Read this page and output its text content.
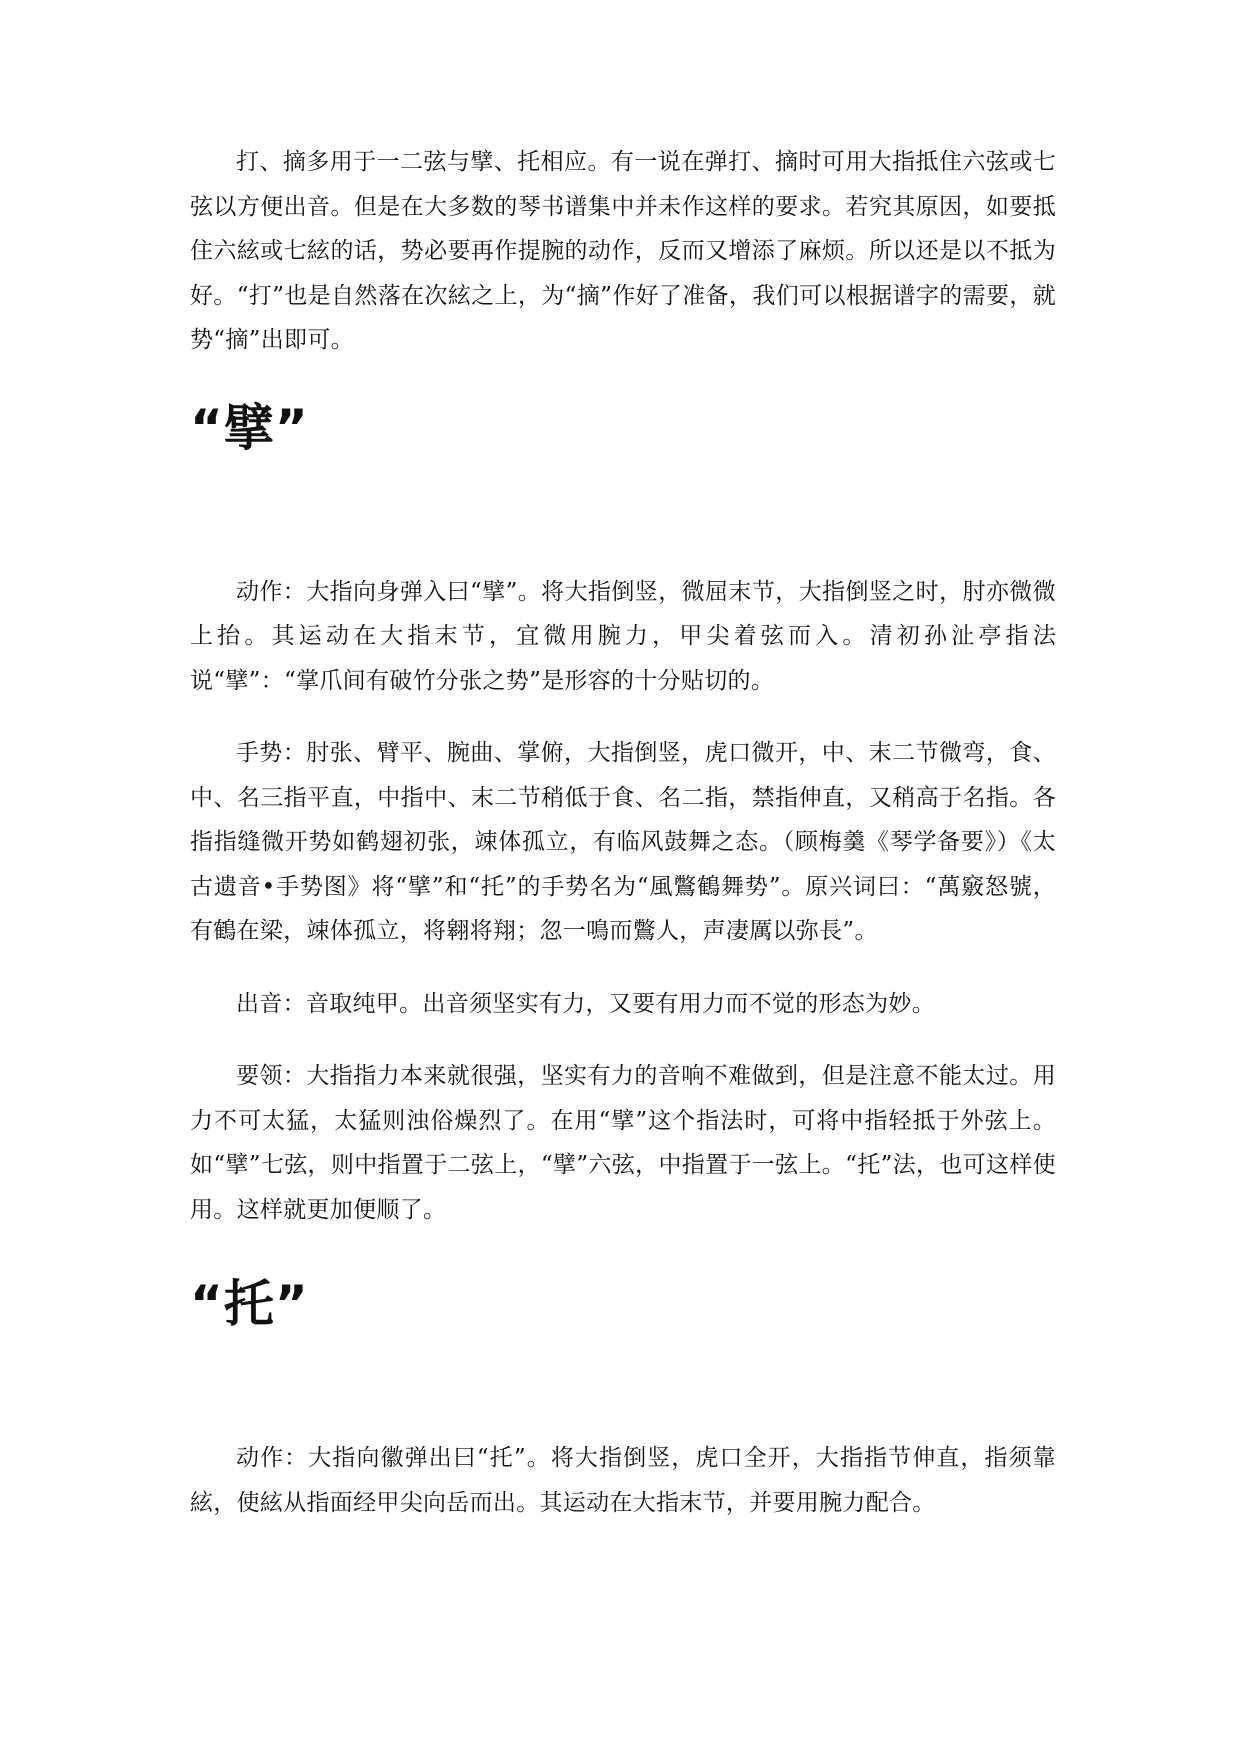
打、摘多用于一二弦与擘、托相应。有一说在弹打、摘时可用大指抵住六弦或七弦以方便出音。但是在大多数的琴书谱集中并未作这样的要求。若究其原因，如要抵住六絃或七絃的话，势必要再作提腕的动作，反而又增添了麻烦。所以还是以不抵为好。“打”也是自然落在次絃之上，为“摘”作好了准备，我们可以根据谱字的需要，就势“摘”出即可。

“擘”

动作：大指向身弹入曰“擘”。将大指倒竖，微屈末节，大指倒竖之时，肘亦微微上抬。其运动在大指末节，宜微用腕力，甲尖着弦而入。清初孙沚亭指法说“擘”：“掌爪间有破竹分张之势”是形容的十分贴切的。

手势：肘张、臂平、腕曲、掌俯，大指倒竖，虎口微开，中、末二节微弯，食、中、名三指平直，中指中、末二节稍低于食、名二指，禁指伸直，又稍高于名指。各指指缝微开势如鹤翅初张，竦体孤立，有临风鼓舞之态。（顾梅羹《琴学备要》）《太古遗音•手势图》将“擘”和“托”的手势名为“風鷩鶴舞势”。原兴词曰：“萬竅怒號，有鶴在梁，竦体孤立，将翱将翔；忽一鳴而鷩人，声凄厲以弥長”。

出音：音取纯甲。出音须坚实有力，又要有用力而不觉的形态为妙。

要领：大指指力本来就很强，坚实有力的音响不难做到，但是注意不能太过。用力不可太猛，太猛则浊俗燥烈了。在用“擘”这个指法时，可将中指轻抵于外弦上。如“擘”七弦，则中指置于二弦上，“擘”六弦，中指置于一弦上。“托”法，也可这样使用。这样就更加便顺了。

“托”

动作：大指向徽弹出曰“托”。将大指倒竖，虎口全开，大指指节伸直，指须靠絃，使絃从指面经甲尖向岳而出。其运动在大指末节，并要用腕力配合。
